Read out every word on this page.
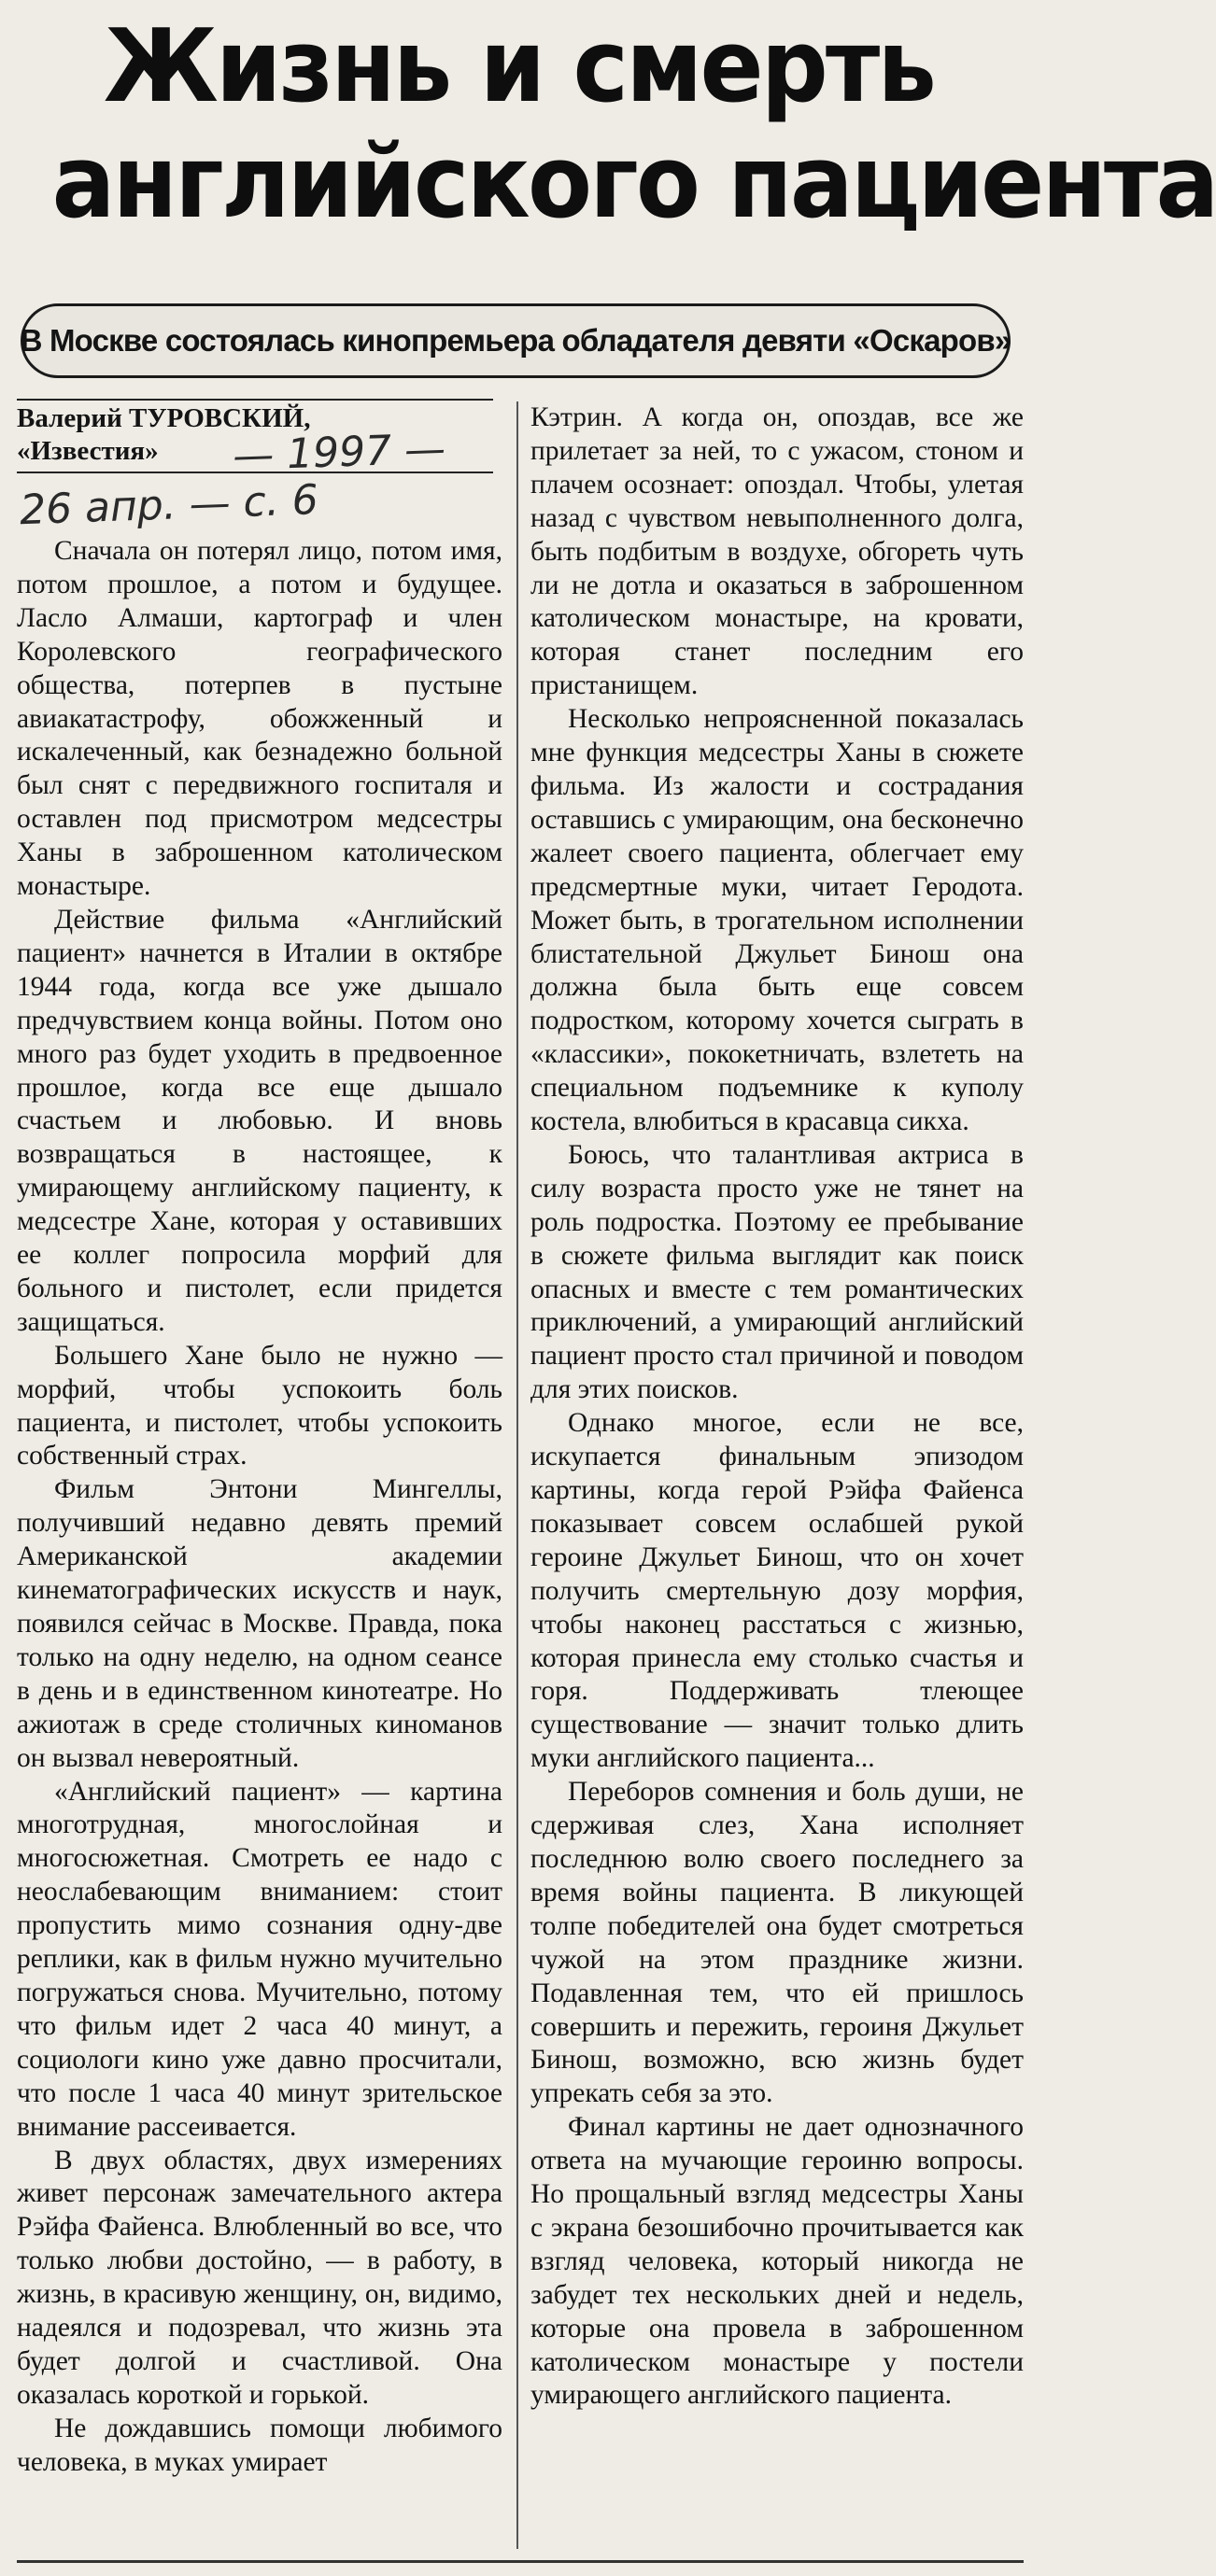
Жизнь и смерть
английского пациента
В Москве состоялась кинопремьера обладателя девяти «Оскаров»
Валерий ТУРОВСКИЙ,
«Известия»

Сначала он потерял лицо, потом имя, потом прошлое, а потом и будущее. Ласло Алмаши, картограф и член Королевского географического общества, потерпев в пустыне авиакатастрофу, обожженный и искалеченный, как безнадежно больной был снят с передвижного госпиталя и оставлен под присмотром медсестры Ханы в заброшенном католическом монастыре.

Действие фильма «Английский пациент» начнется в Италии в октябре 1944 года, когда все уже дышало предчувствием конца войны. Потом оно много раз будет уходить в предвоенное прошлое, когда все еще дышало счастьем и любовью. И вновь возвращаться в настоящее, к умирающему английскому пациенту, к медсестре Хане, которая у оставивших ее коллег попросила морфий для больного и пистолет, если придется защищаться.

Большего Хане было не нужно — морфий, чтобы успокоить боль пациента, и пистолет, чтобы успокоить собственный страх.

Фильм Энтони Мингеллы, получивший недавно девять премий Американской академии кинематографических искусств и наук, появился сейчас в Москве. Правда, пока только на одну неделю, на одном сеансе в день и в единственном кинотеатре. Но ажиотаж в среде столичных киноманов он вызвал невероятный.

«Английский пациент» — картина многотрудная, многослойная и многосюжетная. Смотреть ее надо с неослабевающим вниманием: стоит пропустить мимо сознания одну-две реплики, как в фильм нужно мучительно погружаться снова. Мучительно, потому что фильм идет 2 часа 40 минут, а социологи кино уже давно просчитали, что после 1 часа 40 минут зрительское внимание рассеивается.

В двух областях, двух измерениях живет персонаж замечательного актера Рэйфа Файенса. Влюбленный во все, что только любви достойно, — в работу, в жизнь, в красивую женщину, он, видимо, надеялся и подозревал, что жизнь эта будет долгой и счастливой. Она оказалась короткой и горькой.

Не дождавшись помощи любимого человека, в муках умирает

— 1997 —
26 апр. — с. 6

Кэтрин. А когда он, опоздав, все же прилетает за ней, то с ужасом, стоном и плачем осознает: опоздал. Чтобы, улетая назад с чувством невыполненного долга, быть подбитым в воздухе, обгореть чуть ли не дотла и оказаться в заброшенном католическом монастыре, на кровати, которая станет последним его пристанищем.

Несколько непроясненной показалась мне функция медсестры Ханы в сюжете фильма. Из жалости и сострадания оставшись с умирающим, она бесконечно жалеет своего пациента, облегчает ему предсмертные муки, читает Геродота. Может быть, в трогательном исполнении блистательной Джульет Бинош она должна была быть еще совсем подростком, которому хочется сыграть в «классики», пококетничать, взлететь на специальном подъемнике к куполу костела, влюбиться в красавца сикха.

Боюсь, что талантливая актриса в силу возраста просто уже не тянет на роль подростка. Поэтому ее пребывание в сюжете фильма выглядит как поиск опасных и вместе с тем романтических приключений, а умирающий английский пациент просто стал причиной и поводом для этих поисков.

Однако многое, если не все, искупается финальным эпизодом картины, когда герой Рэйфа Файенса показывает совсем ослабшей рукой героине Джульет Бинош, что он хочет получить смертельную дозу морфия, чтобы наконец расстаться с жизнью, которая принесла ему столько счастья и горя. Поддерживать тлеющее существование — значит только длить муки английского пациента...

Переборов сомнения и боль души, не сдерживая слез, Хана исполняет последнюю волю своего последнего за время войны пациента. В ликующей толпе победителей она будет смотреться чужой на этом празднике жизни. Подавленная тем, что ей пришлось совершить и пережить, героиня Джульет Бинош, возможно, всю жизнь будет упрекать себя за это.

Финал картины не дает однозначного ответа на мучающие героиню вопросы. Но прощальный взгляд медсестры Ханы с экрана безошибочно прочитывается как взгляд человека, который никогда не забудет тех нескольких дней и недель, которые она провела в заброшенном католическом монастыре у постели умирающего английского пациента.
